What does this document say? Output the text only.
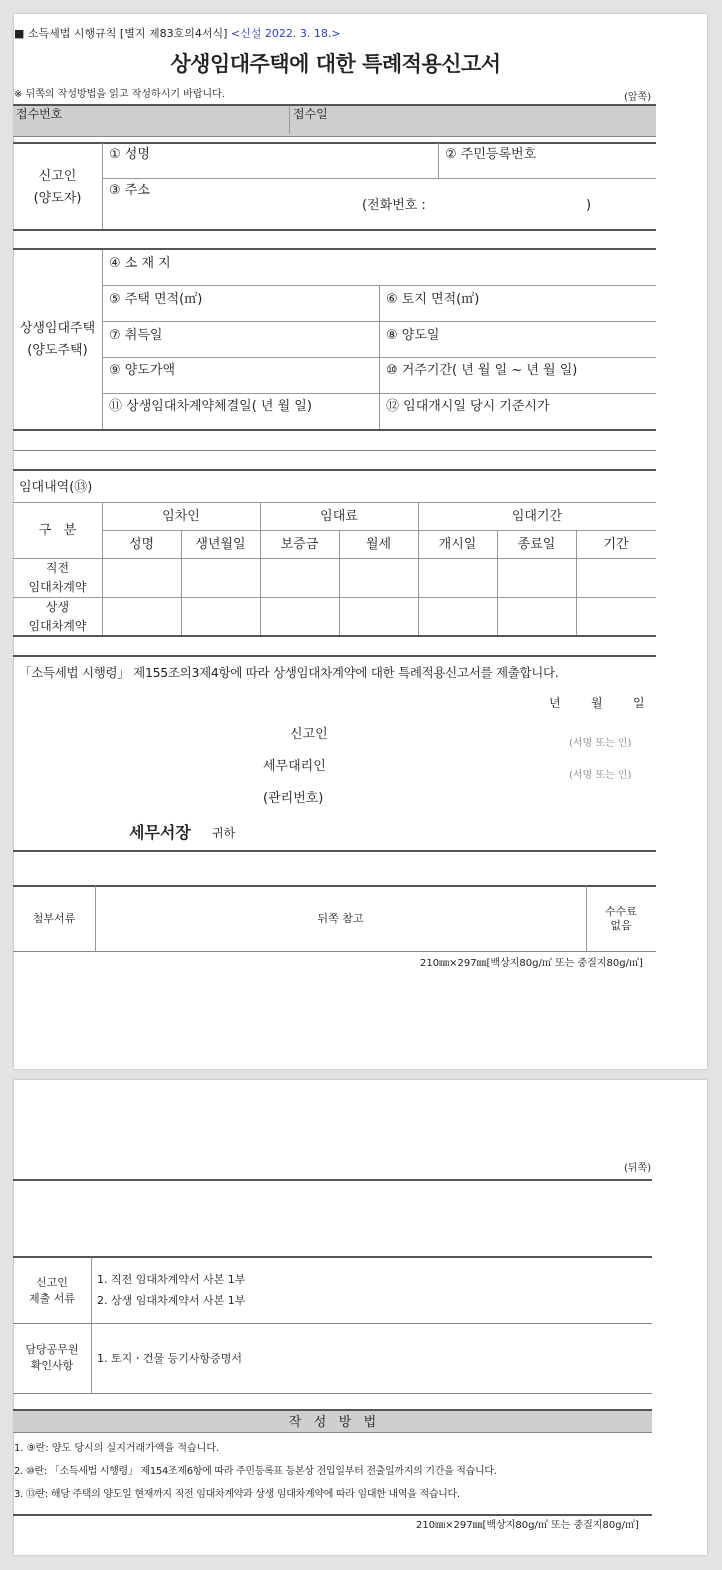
■ 소득세법 시행규칙 [별지 제83호의4서식] <신설 2022. 3. 18.>
상생임대주택에 대한 특례적용신고서
※ 뒤쪽의 작성방법을 읽고 작성하시기 바랍니다.	(앞쪽)
접수번호	접수일
신고인
(양도자)
① 성명	② 주민등록번호
③ 주소
(전화번호 :	)
상생임대주택
(양도주택)
④ 소 재 지
⑤ 주택 면적(㎡)	⑥ 토지 면적(㎡)
⑦ 취득일	⑧ 양도일
⑨ 양도가액	⑩ 거주기간( 년 월 일 ~ 년 월 일)
⑪ 상생임대차계약체결일( 년 월 일)	⑫ 임대개시일 당시 기준시가
임대내역(⑬)
구   분
임차인	임대료	임대기간
성명	생년월일	보증금	월세	개시일	종료일	기간
직전
임대차계약
상생
임대차계약
「소득세법 시행령」 제155조의3제4항에 따라 상생임대차계약에 대한 특례적용신고서를 제출합니다.
년	월	일
신고인
(서명 또는 인)
세무대리인
(서명 또는 인)
(관리번호)
세무서장 귀하
첨부서류	뒤쪽 참고
수수료
없음
210㎜×297㎜[백상지80g/㎡ 또는 중질지80g/㎡]
(뒤쪽)
신고인
제출 서류
1. 직전 임대차계약서 사본 1부
2. 상생 임대차계약서 사본 1부
담당공무원
확인사항
1. 토지ㆍ건물 등기사항증명서
작   성   방   법
1. ⑨란: 양도 당시의 실지거래가액을 적습니다.
2. ⑩란: 「소득세법 시행령」 제154조제6항에 따라 주민등록표 등본상 전입일부터 전출일까지의 기간을 적습니다.
3. ⑬란: 해당 주택의 양도일 현재까지 직전 임대차계약과 상생 임대차계약에 따라 임대한 내역을 적습니다.
210㎜×297㎜[백상지80g/㎡ 또는 중질지80g/㎡]
